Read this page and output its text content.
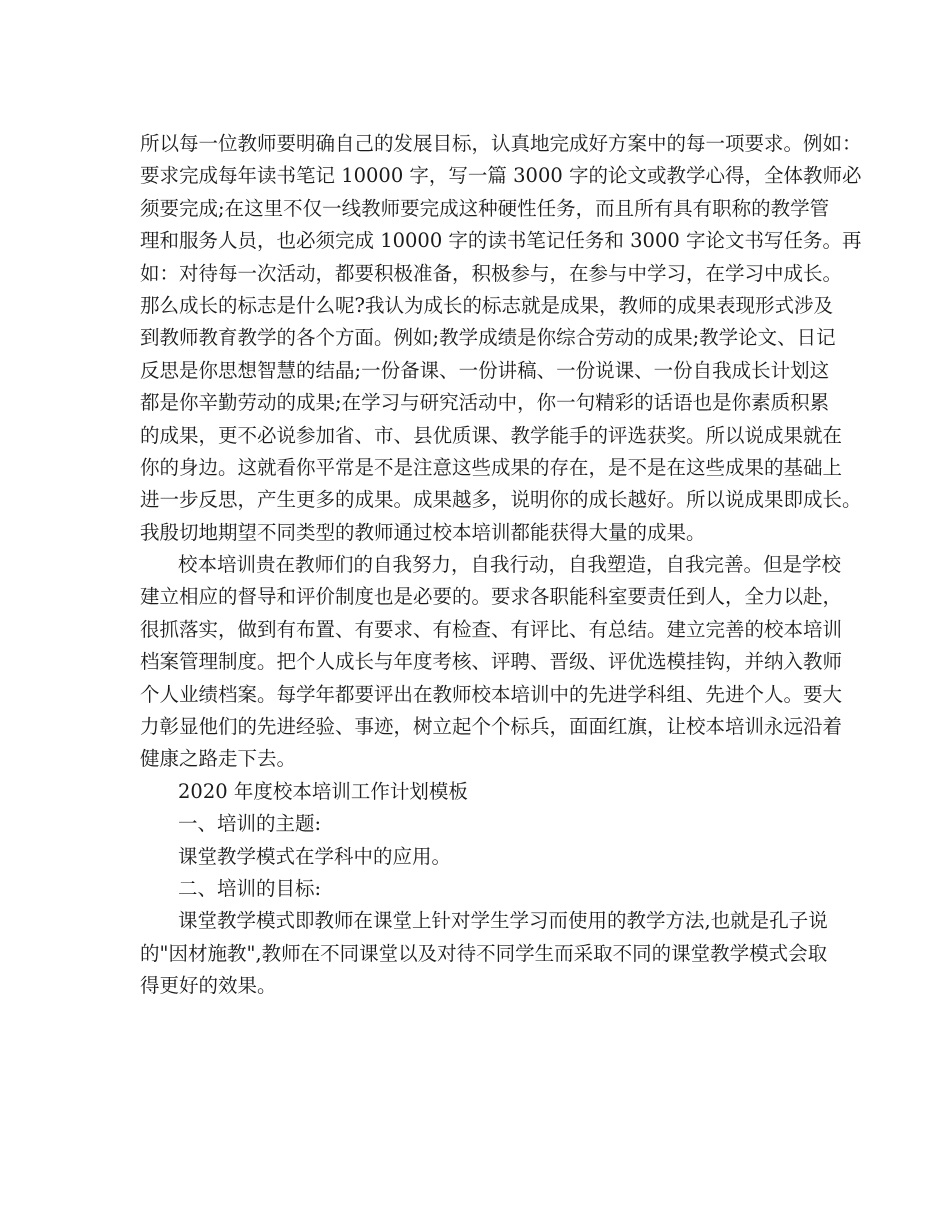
所以每一位教师要明确自己的发展目标，认真地完成好方案中的每一项要求。例如：
要求完成每年读书笔记 10000 字，写一篇 3000 字的论文或教学心得，全体教师必
须要完成;在这里不仅一线教师要完成这种硬性任务，而且所有具有职称的教学管
理和服务人员，也必须完成 10000 字的读书笔记任务和 3000 字论文书写任务。再
如：对待每一次活动，都要积极准备，积极参与，在参与中学习，在学习中成长。
那么成长的标志是什么呢?我认为成长的标志就是成果，教师的成果表现形式涉及
到教师教育教学的各个方面。例如;教学成绩是你综合劳动的成果;教学论文、日记
反思是你思想智慧的结晶;一份备课、一份讲稿、一份说课、一份自我成长计划这
都是你辛勤劳动的成果;在学习与研究活动中，你一句精彩的话语也是你素质积累
的成果，更不必说参加省、市、县优质课、教学能手的评选获奖。所以说成果就在
你的身边。这就看你平常是不是注意这些成果的存在，是不是在这些成果的基础上
进一步反思，产生更多的成果。成果越多，说明你的成长越好。所以说成果即成长。
我殷切地期望不同类型的教师通过校本培训都能获得大量的成果。
校本培训贵在教师们的自我努力，自我行动，自我塑造，自我完善。但是学校
建立相应的督导和评价制度也是必要的。要求各职能科室要责任到人，全力以赴，
很抓落实，做到有布置、有要求、有检查、有评比、有总结。建立完善的校本培训
档案管理制度。把个人成长与年度考核、评聘、晋级、评优选模挂钩，并纳入教师
个人业绩档案。每学年都要评出在教师校本培训中的先进学科组、先进个人。要大
力彰显他们的先进经验、事迹，树立起个个标兵，面面红旗，让校本培训永远沿着
健康之路走下去。
2020 年度校本培训工作计划模板
一、培训的主题:
课堂教学模式在学科中的应用。
二、培训的目标:
课堂教学模式即教师在课堂上针对学生学习而使用的教学方法,也就是孔子说
的"因材施教",教师在不同课堂以及对待不同学生而采取不同的课堂教学模式会取
得更好的效果。
